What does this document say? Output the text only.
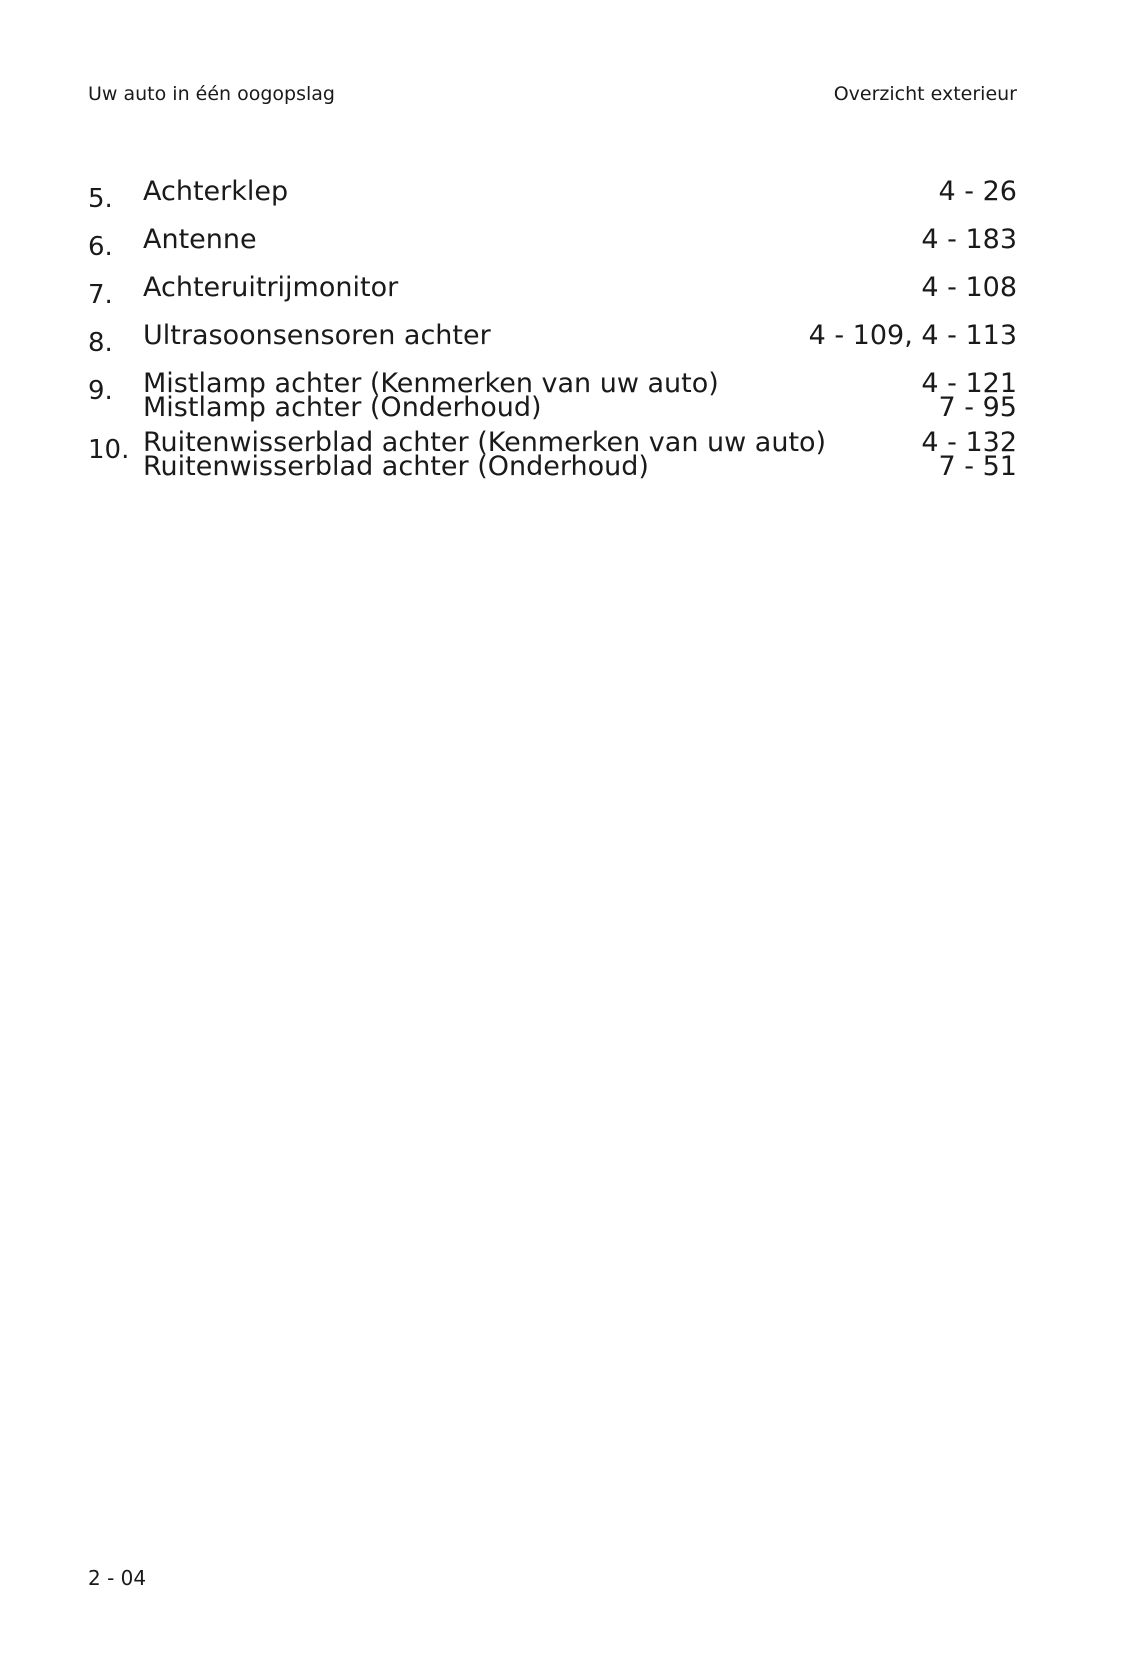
Uw auto in één oogopslag	Overzicht exterieur
5. Achterklep	4 - 26
6. Antenne	4 - 183
7. Achteruitrijmonitor	4 - 108
8. Ultrasoonsensoren achter	4 - 109, 4 - 113
9. Mistlamp achter (Kenmerken van uw auto)	4 - 121
Mistlamp achter (Onderhoud)	7 - 95
10. Ruitenwisserblad achter (Kenmerken van uw auto)	4 - 132
Ruitenwisserblad achter (Onderhoud)	7 - 51
2 - 04
